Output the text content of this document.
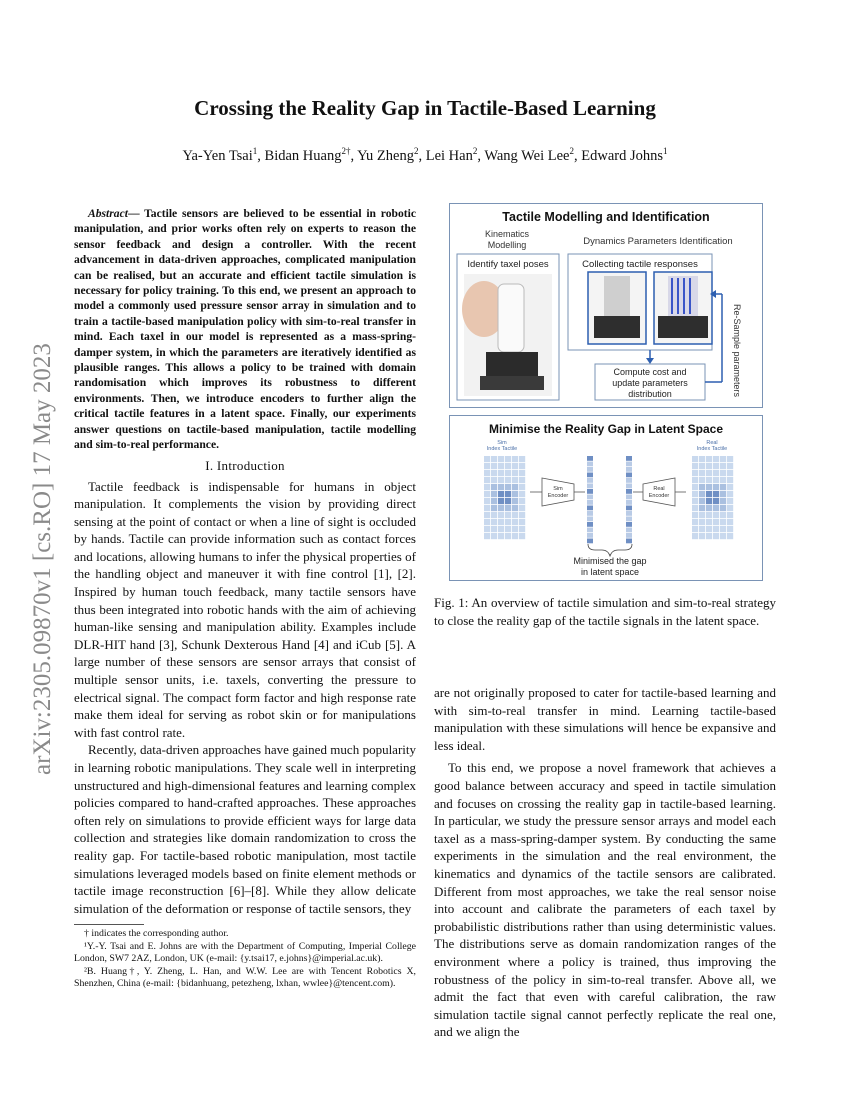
arXiv:2305.09870v1 [cs.RO] 17 May 2023
Crossing the Reality Gap in Tactile-Based Learning
Ya-Yen Tsai$^1$, Bidan Huang$^{2\dagger}$, Yu Zheng$^2$, Lei Han$^2$, Wang Wei Lee$^2$, Edward Johns$^1$

Abstract— Tactile sensors are believed to be essential in robotic manipulation, and prior works often rely on experts to reason the sensor feedback and design a controller. With the recent advancement in data-driven approaches, complicated manipulation can be realised, but an accurate and efficient tactile simulation is necessary for policy training. To this end, we present an approach to model a commonly used pressure sensor array in simulation and to train a tactile-based manipulation policy with sim-to-real transfer in mind. Each taxel in our model is represented as a mass-spring-damper system, in which the parameters are iteratively identified as plausible ranges. This allows a policy to be trained with domain randomisation which improves its robustness to different environments. Then, we introduce encoders to further align the critical tactile features in a latent space. Finally, our experiments answer questions on tactile-based manipulation, tactile modelling and sim-to-real performance.

I. Introduction

Tactile feedback is indispensable for humans in object manipulation. It complements the vision by providing direct sensing at the point of contact or when a line of sight is occluded by hands. Tactile can provide information such as contact forces and locations, allowing humans to infer the physical properties of the handling object and maneuver it with fine control [1], [2]. Inspired by human touch feedback, many tactile sensors have thus been integrated into robotic hands with the aim of achieving human-like sensing and manipulation ability. Examples include DLR-HIT hand [3], Schunk Dexterous Hand [4] and iCub [5]. A large number of these sensors are sensor arrays that consist of multiple sensor units, i.e. taxels, converting the pressure to electrical signal. The compact form factor and high response rate make them ideal for serving as robot skin or for manipulations with fast control rate.

Recently, data-driven approaches have gained much popularity in learning robotic manipulations. They scale well in interpreting unstructured and high-dimensional features and learning complex policies compared to hand-crafted approaches. These approaches often rely on simulations to provide efficient ways for large data collection and strategies like domain randomization to cross the reality gap. For tactile-based robotic manipulation, most tactile simulations leveraged models based on finite element methods or tactile image reconstruction [6]–[8]. While they allow delicate simulation of the deformation or response of tactile sensors, they

† indicates the corresponding author.

¹Y.-Y. Tsai and E. Johns are with the Department of Computing, Imperial College London, SW7 2AZ, London, UK (e-mail: {y.tsai17, e.johns}@imperial.ac.uk).

²B. Huang†, Y. Zheng, L. Han, and W.W. Lee are with Tencent Robotics X, Shenzhen, China (e-mail: {bidanhuang, petezheng, lxhan, wwlee}@tencent.com).

Tactile Modelling and Identification
Kinematics Modelling	Dynamics Parameters Identification
Identify taxel poses	Collecting tactile responses
Compute cost and update parameters distribution	Re-Sample parameters
Minimise the Reality Gap in Latent Space
Sim Index Tactile
Real Index Tactile
Sim Encoder
Real Encoder
Minimised the gap in latent space
Fig. 1: An overview of tactile simulation and sim-to-real strategy to close the reality gap of the tactile signals in the latent space.

are not originally proposed to cater for tactile-based learning and with sim-to-real transfer in mind. Learning tactile-based manipulation with these simulations will hence be expansive and less ideal.

To this end, we propose a novel framework that achieves a good balance between accuracy and speed in tactile simulation and focuses on crossing the reality gap in tactile-based learning. In particular, we study the pressure sensor arrays and model each taxel as a mass-spring-damper system. By conducting the same experiments in the simulation and the real environment, the kinematics and dynamics of the tactile sensors are calibrated. Different from most approaches, we take the real sensor noise into account and calibrate the parameters of each taxel by probabilistic distributions rather than using deterministic values. The distributions serve as domain randomization ranges of the environment where a policy is trained, thus improving the robustness of the policy in sim-to-real transfer. Above all, we admit the fact that even with careful calibration, the raw simulation tactile signal cannot perfectly replicate the real one, and we align the
